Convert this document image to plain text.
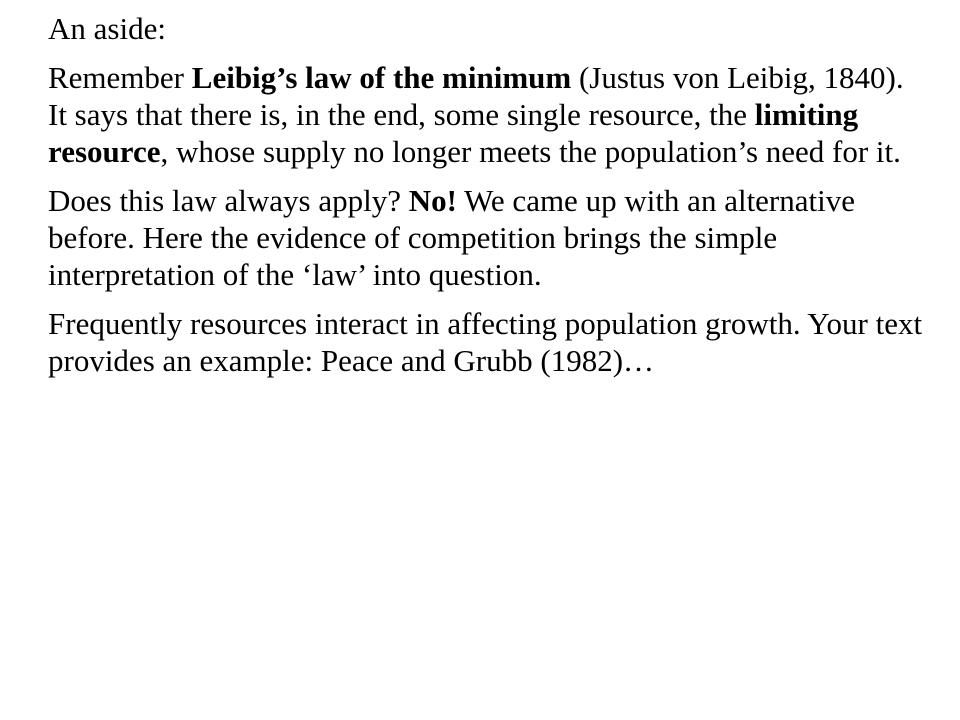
An aside:

Remember Leibig’s law of the minimum (Justus von Leibig, 1840). It says that there is, in the end, some single resource, the limiting resource, whose supply no longer meets the population’s need for it.

Does this law always apply? No! We came up with an alternative before. Here the evidence of competition brings the simple interpretation of the ‘law’ into question.

Frequently resources interact in affecting population growth. Your text provides an example: Peace and Grubb (1982)…
